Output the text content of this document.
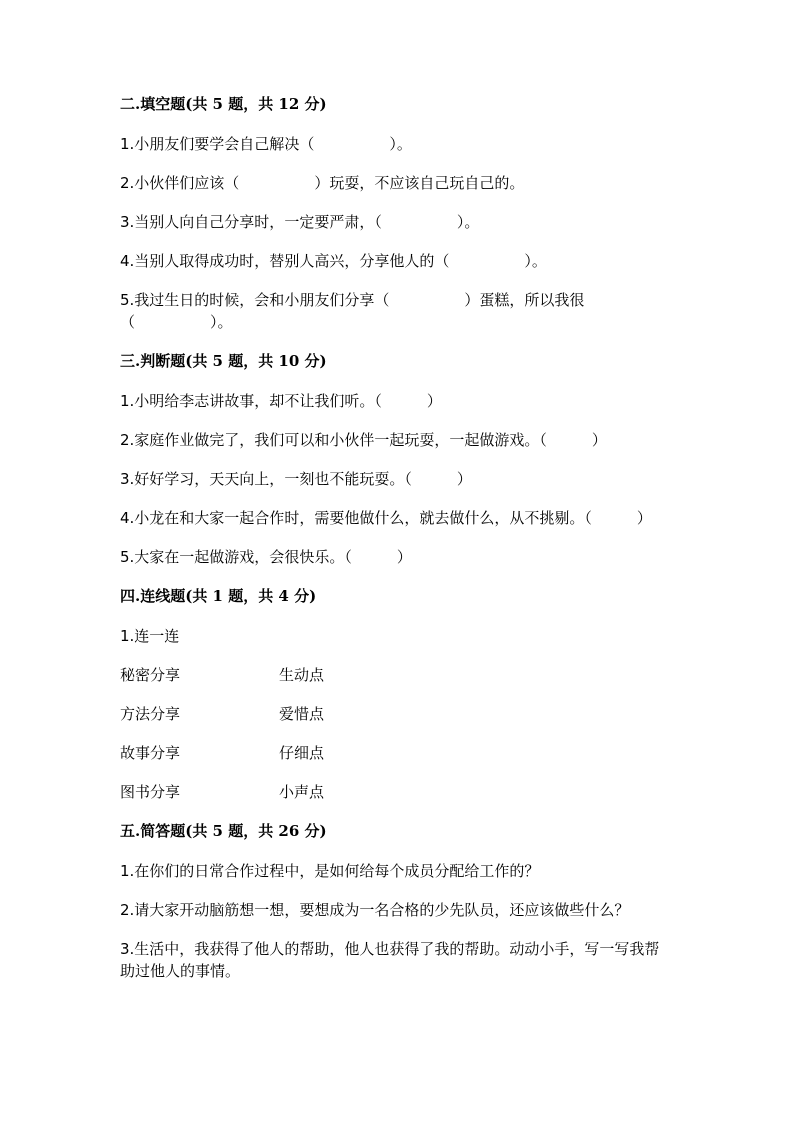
二.填空题(共 5 题，共 12 分)
1.小朋友们要学会自己解决（　　　　　）。
2.小伙伴们应该（　　　　　）玩耍，不应该自己玩自己的。
3.当别人向自己分享时，一定要严肃，（　　　　　）。
4.当别人取得成功时，替别人高兴，分享他人的（　　　　　）。
5.我过生日的时候，会和小朋友们分享（　　　　　）蛋糕，所以我很（　　　　　）。
三.判断题(共 5 题，共 10 分)
1.小明给李志讲故事，却不让我们听。（　　　）
2.家庭作业做完了，我们可以和小伙伴一起玩耍，一起做游戏。（　　　）
3.好好学习，天天向上，一刻也不能玩耍。（　　　）
4.小龙在和大家一起合作时，需要他做什么，就去做什么，从不挑剔。（　　　）
5.大家在一起做游戏，会很快乐。（　　　）
四.连线题(共 1 题，共 4 分)
1.连一连
秘密分享	生动点
方法分享	爱惜点
故事分享	仔细点
图书分享	小声点
五.简答题(共 5 题，共 26 分)
1.在你们的日常合作过程中，是如何给每个成员分配给工作的？
2.请大家开动脑筋想一想，要想成为一名合格的少先队员，还应该做些什么？
3.生活中，我获得了他人的帮助，他人也获得了我的帮助。动动小手，写一写我帮助过他人的事情。
